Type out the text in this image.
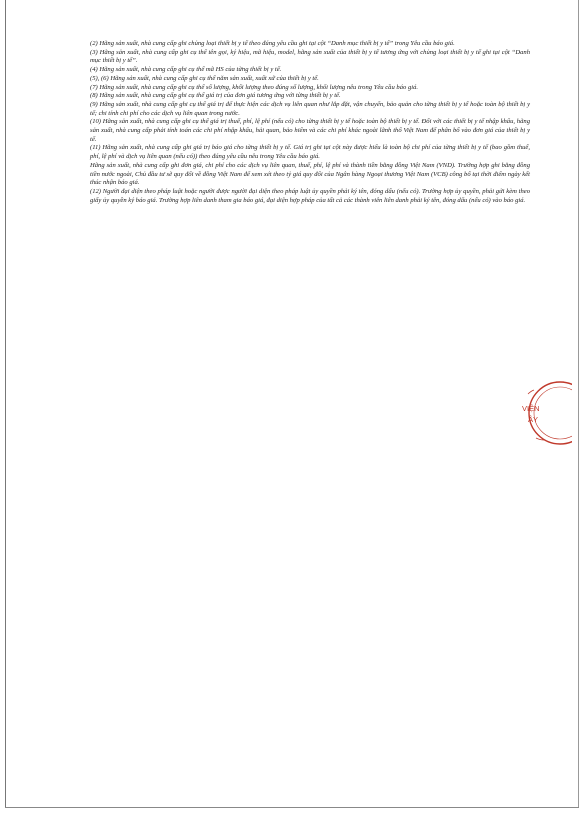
(2) Hãng sản xuất, nhà cung cấp ghi chủng loại thiết bị y tế theo đúng yêu cầu ghi tại cột “Danh mục thiết bị y tế” trong Yêu cầu báo giá.

(3) Hãng sản xuất, nhà cung cấp ghi cụ thể tên gọi, ký hiệu, mã hiệu, model, hãng sản xuất của thiết bị y tế tương ứng với chủng loại thiết bị y tế ghi tại cột “Danh mục thiết bị y tế”.

(4) Hãng sản xuất, nhà cung cấp ghi cụ thể mã HS của từng thiết bị y tế.

(5), (6) Hãng sản xuất, nhà cung cấp ghi cụ thể năm sản xuất, xuất xứ của thiết bị y tế.

(7) Hãng sản xuất, nhà cung cấp ghi cụ thể số lượng, khối lượng theo đúng số lượng, khối lượng nêu trong Yêu cầu báo giá.

(8) Hãng sản xuất, nhà cung cấp ghi cụ thể giá trị của đơn giá tương ứng với từng thiết bị y tế.

(9) Hãng sản xuất, nhà cung cấp ghi cụ thể giá trị để thực hiện các dịch vụ liên quan như lắp đặt, vận chuyển, bảo quản cho từng thiết bị y tế hoặc toàn bộ thiết bị y tế; chi tính chi phí cho các dịch vụ liên quan trong nước.

(10) Hãng sản xuất, nhà cung cấp ghi cụ thể giá trị thuế, phí, lệ phí (nếu có) cho từng thiết bị y tế hoặc toàn bộ thiết bị y tế. Đối với các thiết bị y tế nhập khẩu, hãng sản xuất, nhà cung cấp phải tính toán các chi phí nhập khẩu, hải quan, bảo hiểm và các chi phí khác ngoài lãnh thổ Việt Nam để phân bổ vào đơn giá của thiết bị y tế.

(11) Hãng sản xuất, nhà cung cấp ghi giá trị báo giá cho từng thiết bị y tế. Giá trị ghi tại cột này được hiểu là toàn bộ chi phí của từng thiết bị y tế (bao gồm thuế, phí, lệ phí và dịch vụ liên quan (nếu có)) theo đúng yêu cầu nêu trong Yêu cầu báo giá.

Hãng sản xuất, nhà cung cấp ghi đơn giá, chi phí cho các dịch vụ liên quan, thuế, phí, lệ phí và thành tiền bằng đồng Việt Nam (VND). Trường hợp ghi bằng đồng tiền nước ngoài, Chủ đầu tư sẽ quy đổi về đồng Việt Nam để xem xét theo tỷ giá quy đổi của Ngân hàng Ngoại thương Việt Nam (VCB) công bố tại thời điểm ngày kết thúc nhận báo giá.

(12) Người đại diện theo pháp luật hoặc người được người đại diện theo pháp luật ủy quyền phải ký tên, đóng dấu (nếu có). Trường hợp ủy quyền, phải gửi kèm theo giấy ủy quyền ký báo giá. Trường hợp liên danh tham gia báo giá, đại diện hợp pháp của tất cả các thành viên liên danh phải ký tên, đóng dấu (nếu có) vào báo giá.

VIỆN
ÂY
